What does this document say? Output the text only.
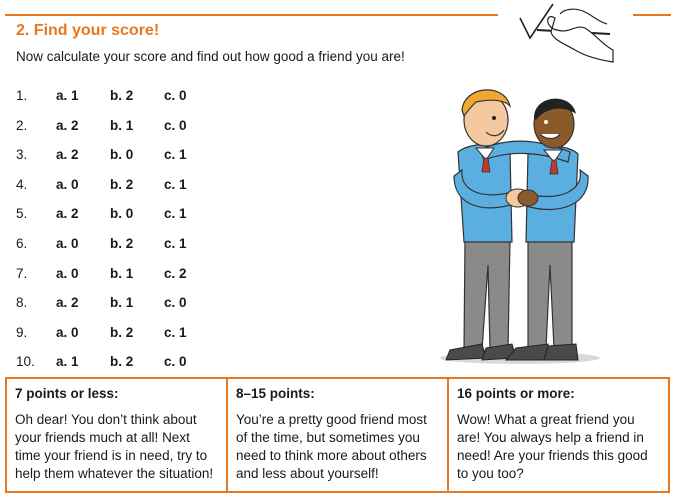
2. Find your score!
Now calculate your score and find out how good a friend you are!
1. a. 1 b. 2 c. 0
2. a. 2 b. 1 c. 0
3. a. 2 b. 0 c. 1
4. a. 0 b. 2 c. 1
5. a. 2 b. 0 c. 1
6. a. 0 b. 2 c. 1
7. a. 0 b. 1 c. 2
8. a. 2 b. 1 c. 0
9. a. 0 b. 2 c. 1
10. a. 1 b. 2 c. 0
7 points or less:

Oh dear! You don’t think about your friends much at all! Next time your friend is in need, try to help them whatever the situation!

8–15 points:

You’re a pretty good friend most of the time, but sometimes you need to think more about others and less about yourself!

16 points or more:

Wow! What a great friend you are! You always help a friend in need! Are your friends this good to you too?
